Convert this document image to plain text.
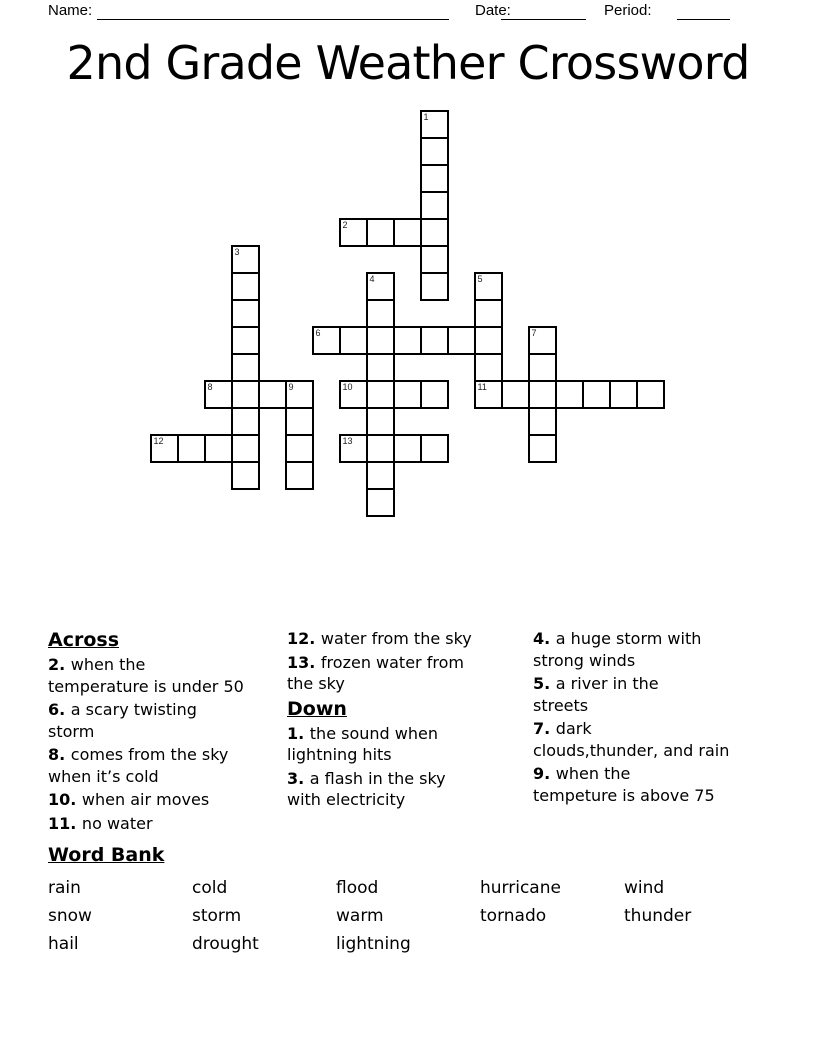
Name:	Date:	Period:
2nd Grade Weather Crossword
1
2
3
4	5
6	7
8	9	10	11
12	13
Across
2. when the
temperature is under 50
6. a scary twisting
storm
8. comes from the sky
when it’s cold
10. when air moves
11. no water
12. water from the sky
13. frozen water from
the sky
Down
1. the sound when
lightning hits
3. a flash in the sky
with electricity
4. a huge storm with
strong winds
5. a river in the
streets
7. dark
clouds,thunder, and rain
9. when the
tempeture is above 75
Word Bank
rain	cold	flood	hurricane	wind
snow	storm	warm	tornado	thunder
hail	drought	lightning
